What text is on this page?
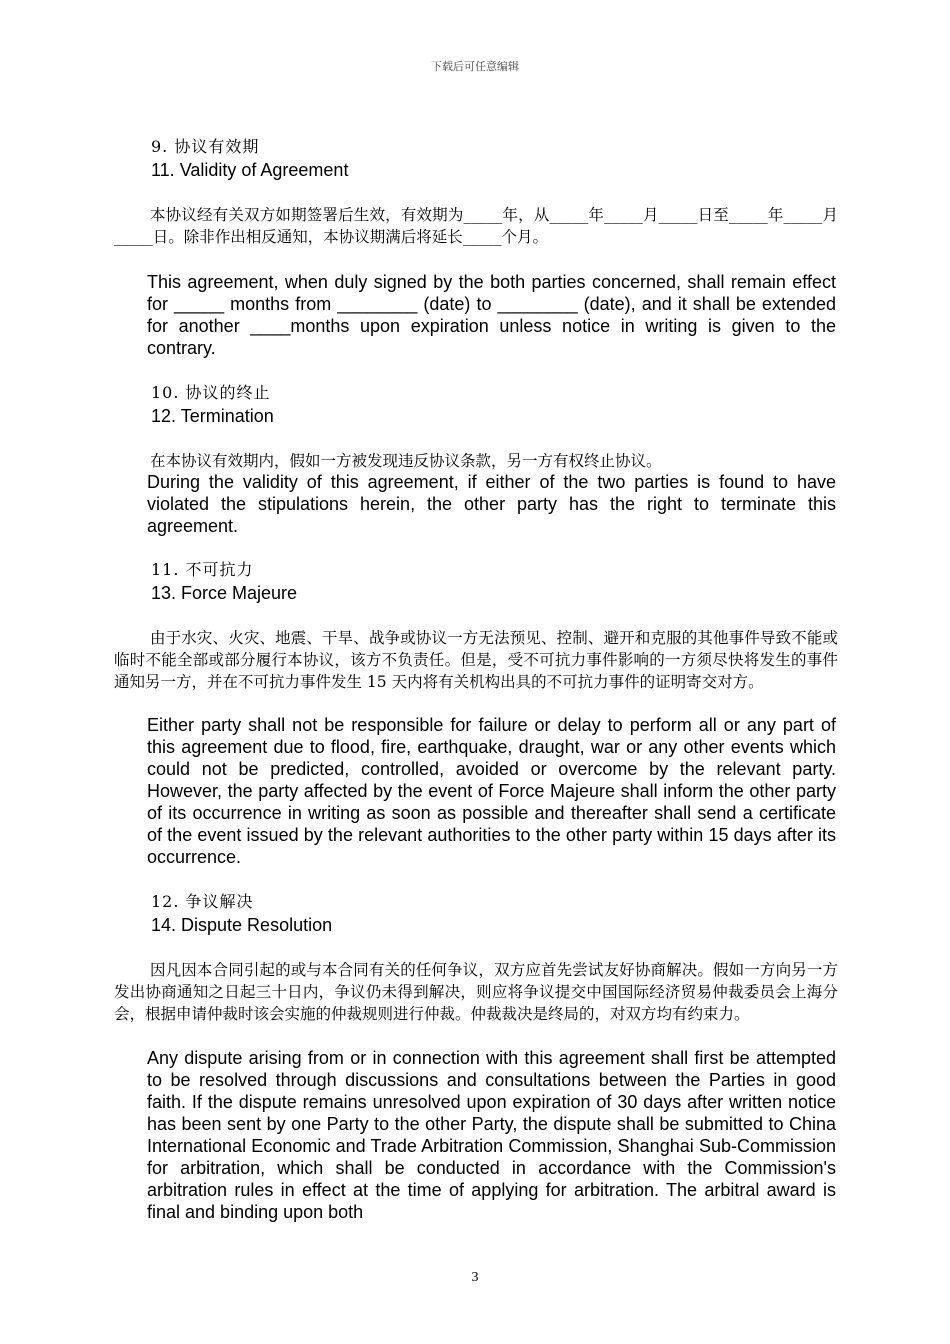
下载后可任意编辑

9. 协议有效期

11. Validity of Agreement

本协议经有关双方如期签署后生效，有效期为_____年，从_____年_____月_____日至_____年_____月_____日。除非作出相反通知，本协议期满后将延长_____个月。

This agreement, when duly signed by the both parties concerned, shall remain effect for _____ months from ________ (date) to ________ (date), and it shall be extended for another ____months upon expiration unless notice in writing is given to the contrary.

10. 协议的终止

12. Termination

在本协议有效期内，假如一方被发现违反协议条款，另一方有权终止协议。

During the validity of this agreement, if either of the two parties is found to have violated the stipulations herein, the other party has the right to terminate this agreement.

11. 不可抗力

13. Force Majeure

由于水灾、火灾、地震、干旱、战争或协议一方无法预见、控制、避开和克服的其他事件导致不能或临时不能全部或部分履行本协议，该方不负责任。但是，受不可抗力事件影响的一方须尽快将发生的事件通知另一方，并在不可抗力事件发生 15 天内将有关机构出具的不可抗力事件的证明寄交对方。

Either party shall not be responsible for failure or delay to perform all or any part of this agreement due to flood, fire, earthquake, draught, war or any other events which could not be predicted, controlled, avoided or overcome by the relevant party. However, the party affected by the event of Force Majeure shall inform the other party of its occurrence in writing as soon as possible and thereafter shall send a certificate of the event issued by the relevant authorities to the other party within 15 days after its occurrence.

12. 争议解决

14. Dispute Resolution

因凡因本合同引起的或与本合同有关的任何争议，双方应首先尝试友好协商解决。假如一方向另一方发出协商通知之日起三十日内，争议仍未得到解决，则应将争议提交中国国际经济贸易仲裁委员会上海分会，根据申请仲裁时该会实施的仲裁规则进行仲裁。仲裁裁决是终局的，对双方均有约束力。

Any dispute arising from or in connection with this agreement shall first be attempted to be resolved through discussions and consultations between the Parties in good faith. If the dispute remains unresolved upon expiration of 30 days after written notice has been sent by one Party to the other Party, the dispute shall be submitted to China International Economic and Trade Arbitration Commission, Shanghai Sub-Commission for arbitration, which shall be conducted in accordance with the Commission's arbitration rules in effect at the time of applying for arbitration. The arbitral award is final and binding upon both

3
